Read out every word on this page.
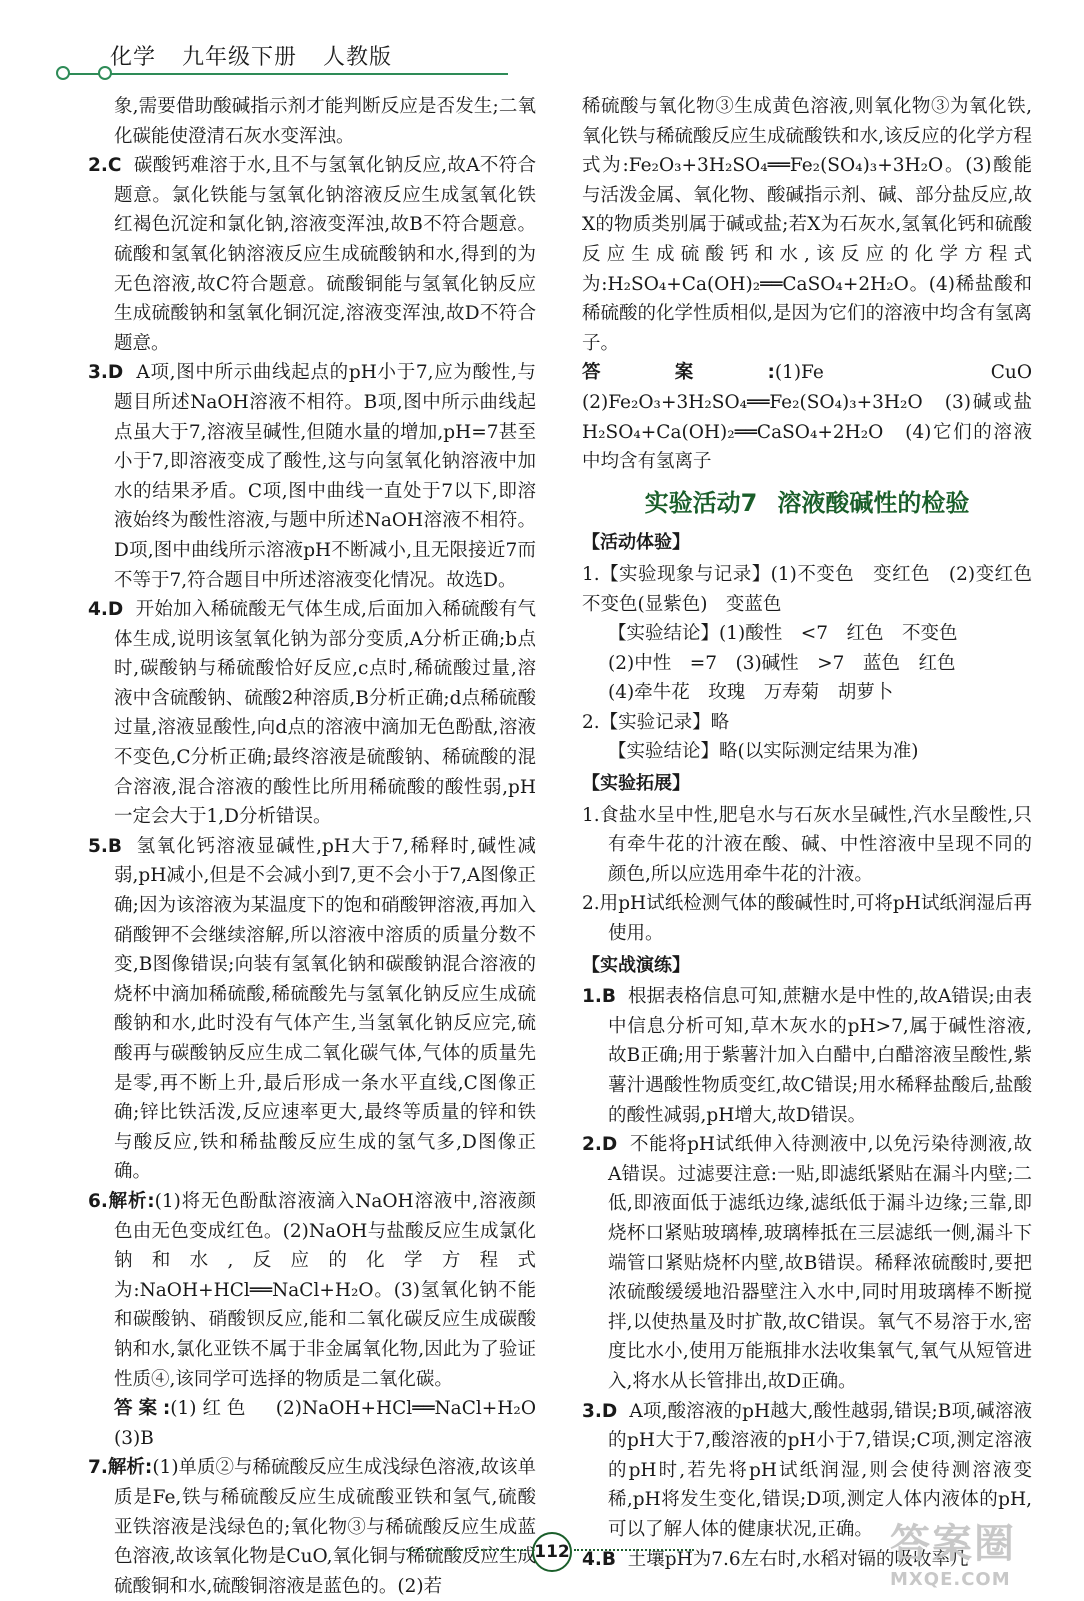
化学 九年级下册 人教版

象,需要借助酸碱指示剂才能判断反应是否发生;二氧化碳能使澄清石灰水变浑浊。

2.C 碳酸钙难溶于水,且不与氢氧化钠反应,故A不符合题意。氯化铁能与氢氧化钠溶液反应生成氢氧化铁红褐色沉淀和氯化钠,溶液变浑浊,故B不符合题意。硫酸和氢氧化钠溶液反应生成硫酸钠和水,得到的为无色溶液,故C符合题意。硫酸铜能与氢氧化钠反应生成硫酸钠和氢氧化铜沉淀,溶液变浑浊,故D不符合题意。

3.D A项,图中所示曲线起点的pH小于7,应为酸性,与题目所述NaOH溶液不相符。B项,图中所示曲线起点虽大于7,溶液呈碱性,但随水量的增加,pH=7甚至小于7,即溶液变成了酸性,这与向氢氧化钠溶液中加水的结果矛盾。C项,图中曲线一直处于7以下,即溶液始终为酸性溶液,与题中所述NaOH溶液不相符。D项,图中曲线所示溶液pH不断减小,且无限接近7而不等于7,符合题目中所述溶液变化情况。故选D。

4.D 开始加入稀硫酸无气体生成,后面加入稀硫酸有气体生成,说明该氢氧化钠为部分变质,A分析正确;b点时,碳酸钠与稀硫酸恰好反应,c点时,稀硫酸过量,溶液中含硫酸钠、硫酸2种溶质,B分析正确;d点稀硫酸过量,溶液显酸性,向d点的溶液中滴加无色酚酞,溶液不变色,C分析正确;最终溶液是硫酸钠、稀硫酸的混合溶液,混合溶液的酸性比所用稀硫酸的酸性弱,pH一定会大于1,D分析错误。

5.B 氢氧化钙溶液显碱性,pH大于7,稀释时,碱性减弱,pH减小,但是不会减小到7,更不会小于7,A图像正确;因为该溶液为某温度下的饱和硝酸钾溶液,再加入硝酸钾不会继续溶解,所以溶液中溶质的质量分数不变,B图像错误;向装有氢氧化钠和碳酸钠混合溶液的烧杯中滴加稀硫酸,稀硫酸先与氢氧化钠反应生成硫酸钠和水,此时没有气体产生,当氢氧化钠反应完,硫酸再与碳酸钠反应生成二氧化碳气体,气体的质量先是零,再不断上升,最后形成一条水平直线,C图像正确;锌比铁活泼,反应速率更大,最终等质量的锌和铁与酸反应,铁和稀盐酸反应生成的氢气多,D图像正确。

6.解析:(1)将无色酚酞溶液滴入NaOH溶液中,溶液颜色由无色变成红色。(2)NaOH与盐酸反应生成氯化钠和水,反应的化学方程式为:NaOH+HCl══NaCl+H₂O。(3)氢氧化钠不能和碳酸钠、硝酸钡反应,能和二氧化碳反应生成碳酸钠和水,氯化亚铁不属于非金属氧化物,因此为了验证性质④,该同学可选择的物质是二氧化碳。

答案:(1)红色　(2)NaOH+HCl══NaCl+H₂O　(3)B

7.解析:(1)单质②与稀硫酸反应生成浅绿色溶液,故该单质是Fe,铁与稀硫酸反应生成硫酸亚铁和氢气,硫酸亚铁溶液是浅绿色的;氧化物③与稀硫酸反应生成蓝色溶液,故该氧化物是CuO,氧化铜与稀硫酸反应生成硫酸铜和水,硫酸铜溶液是蓝色的。(2)若

稀硫酸与氧化物③生成黄色溶液,则氧化物③为氧化铁,氧化铁与稀硫酸反应生成硫酸铁和水,该反应的化学方程式为:Fe₂O₃+3H₂SO₄══Fe₂(SO₄)₃+3H₂O。(3)酸能与活泼金属、氧化物、酸碱指示剂、碱、部分盐反应,故X的物质类别属于碱或盐;若X为石灰水,氢氧化钙和硫酸反应生成硫酸钙和水,该反应的化学方程式为:H₂SO₄+Ca(OH)₂══CaSO₄+2H₂O。(4)稀盐酸和稀硫酸的化学性质相似,是因为它们的溶液中均含有氢离子。

答案:(1)Fe　CuO　(2)Fe₂O₃+3H₂SO₄══Fe₂(SO₄)₃+3H₂O　(3)碱或盐　H₂SO₄+Ca(OH)₂══CaSO₄+2H₂O　(4)它们的溶液中均含有氢离子

实验活动7 溶液酸碱性的检验

【活动体验】

1.【实验现象与记录】(1)不变色　变红色　(2)变红色　不变色(显紫色)　变蓝色

【实验结论】(1)酸性　<7　红色　不变色

(2)中性　=7　(3)碱性　>7　蓝色　红色

(4)牵牛花　玫瑰　万寿菊　胡萝卜

2.【实验记录】略

【实验结论】略(以实际测定结果为准)

【实验拓展】

1.食盐水呈中性,肥皂水与石灰水呈碱性,汽水呈酸性,只有牵牛花的汁液在酸、碱、中性溶液中呈现不同的颜色,所以应选用牵牛花的汁液。

2.用pH试纸检测气体的酸碱性时,可将pH试纸润湿后再使用。

【实战演练】

1.B 根据表格信息可知,蔗糖水是中性的,故A错误;由表中信息分析可知,草木灰水的pH>7,属于碱性溶液,故B正确;用于紫薯汁加入白醋中,白醋溶液呈酸性,紫薯汁遇酸性物质变红,故C错误;用水稀释盐酸后,盐酸的酸性减弱,pH增大,故D错误。

2.D 不能将pH试纸伸入待测液中,以免污染待测液,故A错误。过滤要注意:一贴,即滤纸紧贴在漏斗内壁;二低,即液面低于滤纸边缘,滤纸低于漏斗边缘;三靠,即烧杯口紧贴玻璃棒,玻璃棒抵在三层滤纸一侧,漏斗下端管口紧贴烧杯内壁,故B错误。稀释浓硫酸时,要把浓硫酸缓缓地沿器壁注入水中,同时用玻璃棒不断搅拌,以使热量及时扩散,故C错误。氧气不易溶于水,密度比水小,使用万能瓶排水法收集氧气,氧气从短管进入,将水从长管排出,故D正确。

3.D A项,酸溶液的pH越大,酸性越弱,错误;B项,碱溶液的pH大于7,酸溶液的pH小于7,错误;C项,测定溶液的pH时,若先将pH试纸润湿,则会使待测溶液变稀,pH将发生变化,错误;D项,测定人体内液体的pH,可以了解人体的健康状况,正确。

4.B 土壤pH为7.6左右时,水稻对镉的吸收率几

112	答案圈
MXQE.COM
